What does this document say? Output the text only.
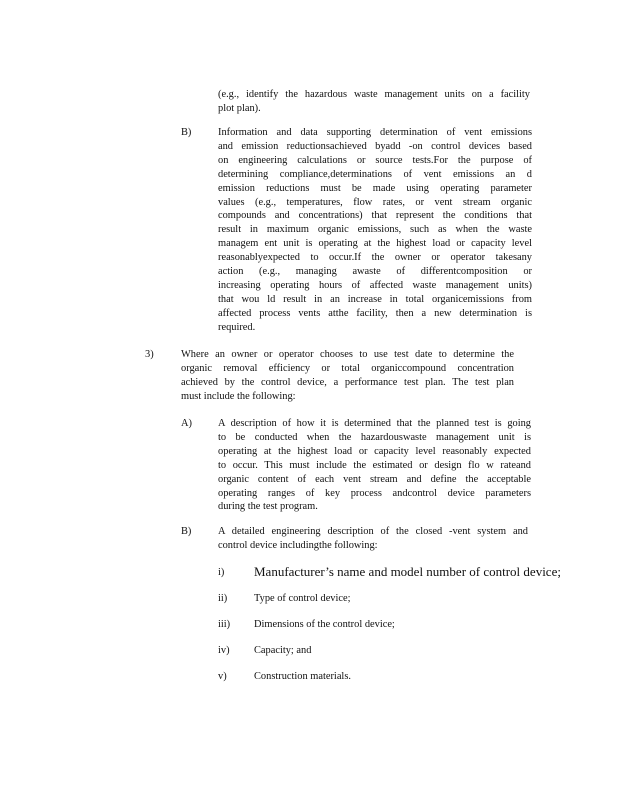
(e.g., identify the hazardous waste management units on a facility

plot plan).

B)	Information and data supporting determination of vent emissions

and emission reductionsachieved byadd -on control devices based

on engineering calculations or source tests.For the purpose of

determining compliance,determinations of vent emissions an d

emission reductions must be made using operating parameter

values (e.g., temperatures, flow rates, or vent stream organic

compounds and concentrations) that represent the conditions that

result in maximum organic emissions, such as when the waste

managem ent unit is operating at the highest load or capacity level

reasonablyexpected to occur.If the owner or operator takesany

action (e.g., managing awaste of differentcomposition or

increasing operating hours of affected waste management units)

that wou ld result in an increase in total organicemissions from

affected process vents atthe facility, then a new determination is

required.

3)	Where an owner or operator chooses to use test date to determine the

organic removal efficiency or total organiccompound concentration

achieved by the control device, a performance test plan. The test plan

must include the following:

A)	A description of how it is determined that the planned test is going

to be conducted when the hazardouswaste management unit is

operating at the highest load or capacity level reasonably expected

to occur. This must include the estimated or design flo w rateand

organic content of each vent stream and define the acceptable

operating ranges of key process andcontrol device parameters

during the test program.

B)	A detailed engineering description of the closed -vent system and

control device includingthe following:

i) Manufacturer’s name and model number of control device;
ii)	Type of control device;
iii) Dimensions of the control device;
iv) Capacity; and
v)	Construction materials.
